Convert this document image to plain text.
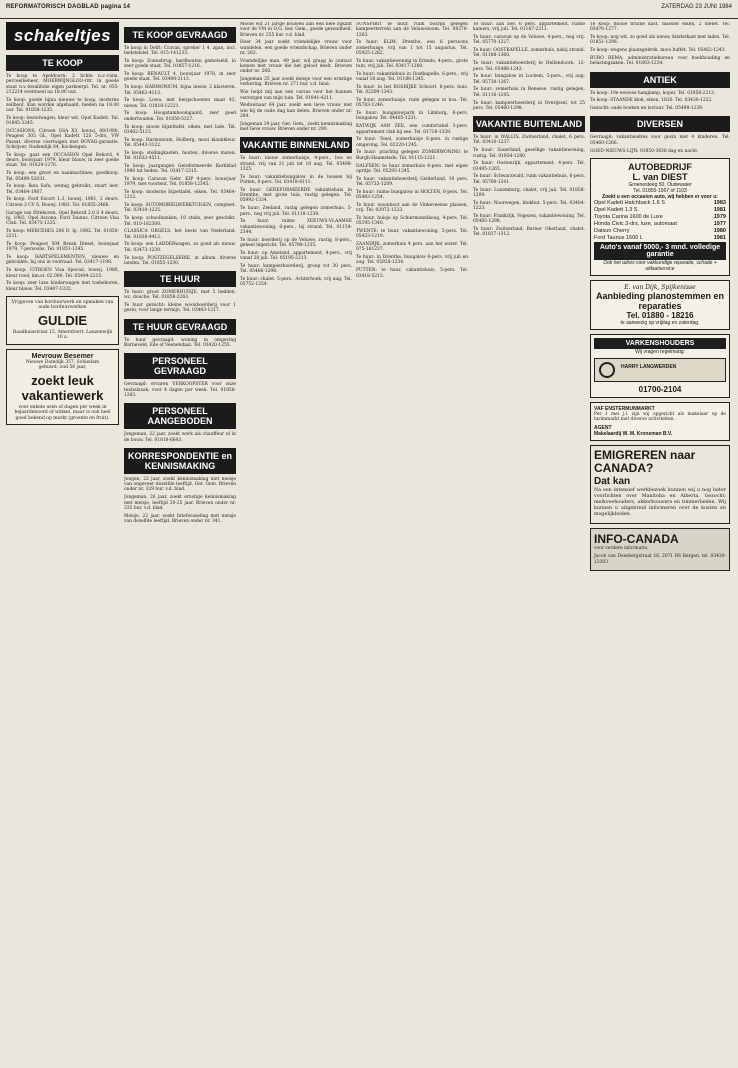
REFORMATORISCH DAGBLAD pagina 14	ZATERDAG 23 JUNI 1984
schakeltjes
TE KOOP

Te koop te Apeldoorn: 2 lichte n.v.-ruim, perceelbeheer, MOERWIJNGLOO-ritr. in goede staat n.v.-kwalifolie eigen parkeerpl. Tel. nr. 055-212214 eventueel na 18.00 uur.

Te koop: goede bijna nieuwe te koop, moderne zeilboot. Kan worden afgehaald, bieden na 18.00 uur. Tel. 01858-1235.

Te koop: bestelwagen, kleur wit, Opel Kadett. Tel. 01845-2245.

OCCASIONS. Citroen GSA X3, bouwj. 08/1980, Peugeot 305 GL, Opel Kadett 12S 5-drs, VW Passat, diverse voertuigen met BOVAG-garantie. Schrijver, Oudendijk 84, Kockengen.

Te koop: gaat een OCCASION Opel Rekord, 4 deurs, bouwjaar 1979, kleur blauw, in zeer goede staat. Tel. 01824-1276.

Te koop: een groot en naaimachines, goedkoop. Tel. 05490-52031.

Te koop: Ikea Sofa, weinig gebruikt, zwart leer. Tel. 03404-1987.

Te koop: Ford Escort 1.3, bouwj. 1981, 2 deurs, Citroen 2 CV 6, Bouwj. 1983. Tel. 01855-2466.

Garage van Ettekoven, Opel Rekord 2.0 S 4 deurs, bj. 1982, Opel Ascona, Ford Taunus, Citroen Visa Club. Tel. 03473-1235.

Te koop: MERCEDES 200 D, bj. 1982. Tel. 01858-2211.

Te koop: Peugeot 504 Break Diesel, bouwjaar 1979, 7-persoons. Tel. 01851-1345.

Te koop: HARTSPELEMENTEN, nieuwe en gebruikte, bij ons in voorraad. Tel. 03417-1198.

Te koop: CITROEN Visa Special, bouwj. 1980, kleur rood, km.st. 62.000. Tel. 05494-2215.

Te koop: zeer luxe kinderwagen met toebehoren, kleur blauw. Tel. 03407-1332.

Vrijgeven van borduurwerk en opmaken van oude borduurwerken
GULDIE
Raadhuisstraat 15, Amersfoort. Lanzenwijk 10 a.
Mevrouw Besemer
Nieuwe Damdijk 357, Schiedam
gehuwd, oud 56 jaar,
zoekt leuk vakantiewerk
voor enkele uren of dagen per week in bejaardenoord of winkel, maar is ook heel goed bekend op markt (groente en fruit).
TE KOOP GEVRAAGD

Te koop in Delft: Cravan, spreker 1 4, zgan, incl. bedstelstel. Tel. 015-141233.

Te koop: Zonnebrug, hardhouten gemetseld, in zeer goede staat. Tel. 01857-1216.

Te koop: RENAULT 4, bouwjaar 1978, in zeer goede staat. Tel. 03498-2113.

Te koop: HARMONIUM, bijna nieuw, 2 klavieren. Tel. 05462-4113.

Te koop: Lowa, met bergschoenen maat 42, nieuw. Tel. 01818-12221.

Te koop: Hoogstamboomgaard, zeer goed onderhouden. Tel. 01850-5327.

Te koop: mooie bijzettafel, eiken, met lade. Tel. 03402-5123.

Te koop: Harmonium, Hofberg, mooi klankkleur. Tel. 05443-3122.

Te koop: stellingkasten, houten, diverse maten. Tel. 01832-4511.

Te koop: jaargangen Gereformeerde Kerkblad 1980 tot heden. Tel. 03417-2215.

Te koop: Caravan Gebr. KIP 4-pers. bouwjaar 1979, met voortent. Tel. 01858-12345.

Te koop: moderne bijzettafel, eiken. Tel. 05464-1212.

Te koop: AUTOMOBIELWERKTUIGEN, compleet. Tel. 03410-1225.

Te koop: schoolbanken, 10 stuks, zeer geschikt. Tel. 010-182300.

CLASSICA ORGELS, het beste van Nederland. Tel. 01818-4412.

Te koop: een LADDERwagen, zo goed als nieuw. Tel. 03473-1230.

Te koop: POSTZEGELSERIE, in album, diverse landen. Tel. 01855-1230.

TE HUUR

Te huur: groot ZOMERHUISJE, met 5 bedden, wc, douche. Tel. 01858-2263.

Te huur gezocht: kleine woonboerderij voor 1 gezin, voor lange termijn. Tel. 03483-1217.

TE HUUR GEVRAAGD

Te huur gevraagd: woning in omgeving Barneveld, Ede of Veenendaal. Tel. 03420-1255.

PERSONEEL GEVRAAGD

Gevraagd: ervaren VERKOOPSTER voor onze textielzaak, voor 4 dagen per week. Tel. 01858-1263.

PERSONEEL AANGEBODEN

Jongeman, 22 jaar, zoekt werk als chauffeur of in de bouw. Tel. 01818-6643.

KORRESPONDENTIE en KENNISMAKING

Jongen, 22 jaar, zoekt kennismaking met meisje van ongeveer dezelfde leeftijd, Ger. Gem. Brieven onder nr. 329 bur. v.d. blad.

Jongeman, 26 jaar, zoekt ernstige kennismaking met meisje, leeftijd 20-25 jaar. Brieven onder nr. 335 bur. v.d. blad.

Meisje, 22 jaar, zoekt briefwisseling met meisje van dezelfde leeftijd. Brieven onder nr. 341.

Mooie wit 21 jarige bouwen aan een hele zijkant voor de VM in O.G. Ger. Gem., goede gezondheid. Brieven nr. 255 bur. v.d. blad.

Heer 34 jaar zoekt vriendelijke vrouw voor wandelen, een goede vriendschap. Brieven onder nr. 262.

Vriendelijke man, 49 jaar, wil graag in contact komen met vrouw die het geloof deelt. Brieven onder nr. 268.

Jongeman 25 jaar zoekt meisje voor een ernstige verkering. Brieven nr. 271 bur. v.d. blad.

Wie helpt mij aan een cursus voor het kunnen verzorgen van mijn tuin. Tel. 01841-4211.

Weduwnaar 64 jaar, zoekt een lieve vrouw met wie hij de oude dag kan delen. Brieven onder nr. 284.

Jongeman 39 jaar, Ger. Gem., zoekt kennismaking met lieve vrouw. Brieven onder nr. 290.

VAKANTIE BINNENLAND

Te huur: nieuw zomerhuisje, 4-pers., bos en strand, vrij van 21 juli tot 18 aug. Tel. 05498-1325.

Te huur: vakantiebungalow in de bossen bij Putten, 6-pers. Tel. 03418-4111.

Te huur: GEREFORMEERDE vakantiehuis in Drenthe, met grote tuin, rustig gelegen. Tel. 05992-1334.

Te huur: Zeeland, rustig gelegen zomerhuis, 5-pers., nog vrij juli. Tel. 01118-1239.

Te huur: ruime ZEEUWS-VLAAMSE vakantiewoning, 6-pers., bij strand. Tel. 01154-2344.

Te huur: boerderij op de Veluwe, rustig, 8-pers., geheel ingericht. Tel. 05788-1235.

Te huur: op Ameland, appartement, 4-pers., vrij vanaf 28 juli. Tel. 05195-2213.

Te huur: kampeerboerderij, groep tot 30 pers. Tel. 05466-1298.

Te huur: chalet, 5-pers., Achterhoek, vrij aug. Tel. 05752-1254.

SUNSPIRIT te huur, ruim bosrijk gelegen kampeerterrein aan de Veluwezoom. Tel. 08370-1263.

Te huur: ELIM, Drenthe, een 6 persoons zomerhuisje, vrij van 1 tot 15 augustus. Tel. 05925-1262.

Te huur: vakantiewoning in Ermelo, 4-pers., grote tuin, vrij juli. Tel. 03417-1260.

Te huur: vakantiehuis in Oostkapelle, 6-pers., vrij vanaf 18 aug. Tel. 01188-1245.

Te huur: in het BOSRIJKE Schoorl, 6-pers. huis. Tel. 02209-1343.

Te huur: zomerhuisje, ruim gelegen in bos. Tel. 05783-1246.

Te huur: bungalowpark in Limburg, 6-pers. bungalow. Tel. 04405-1231.

KATWIJK AAN ZEE, een comfortabel 3-pers. appartement vlak bij zee. Tel. 01718-1329.

Te huur: Texel, zomerhuisje 6-pers. in rustige omgeving. Tel. 02220-1245.

Te huur: prachtig gelegen ZOMERWONING te Burgh-Haamstede. Tel. 01115-1221.

DALFSEN: te huur zomerhuis 4-pers. met eigen opritje. Tel. 05293-1245.

Te huur: vakantieboerderij Gelderland, 10 pers. Tel. 05733-1209.

Te huur: ruime bungalow in HOLTEN, 6-pers. Tel. 05483-1254.

Te huur: woonboot aan de Vinkeveense plassen, vrij. Tel. 02972-1223.

Te huur: huisje op Schiermonnikoog, 4-pers. Tel. 05195-1340.

TWENTE: te huur, vakantiewoning, 5-pers. Tel. 05433-1219.

ZAANDIJK: zomerhuis 4 pers. aan het water. Tel. 075-161237.

Te huur: in Drenthe, bungalow 6-pers. vrij juli en aug. Tel. 05928-1234.

PUTTEN: te huur, vakantiehuis, 5-pers. Tel. 03418-5213.

Te huur: aan zee, 6 pers. appartement, ruime kamers, vrij juli. Tel. 01187-2211.

Te huur: caravan op de Veluwe, 4-pers., nog vrij. Tel. 05770-1227.

Te huur: OOSTKAPELLE, zomerhuis, nabij strand. Tel. 01188-1360.

Te huur: vakantieboerderij te Hellendoorn, 12-pers. Tel. 05486-1243.

Te huur: bungalow in Lochem, 5-pers., vrij aug. Tel. 05730-1267.

Te huur: zomerhuis in Renesse, rustig gelegen. Tel. 01116-1245.

Te huur: kampeerboerderij in Overijssel, tot 25 pers. Tel. 05460-1298.

VAKANTIE BUITENLAND

Te huur: in WALLIS, Zwitserland, chalet, 6 pers. Tel. 03410-1237.

Te huur: Sauerland, gezellige vakantiewoning, rustig. Tel. 01854-1280.

Te huur: Oostenrijk, appartement, 4-pers. Tel. 03495-1265.

Te huur: Schwarzwald, ruim vakantiehuis, 6-pers. Tel. 05700-1241.

Te huur: Luxemburg, chalet, vrij juli. Tel. 01858-1209.

Te huur: Noorwegen, blokhut, 5-pers. Tel. 03404-1223.

Te huur: Frankrijk, Vogezen, vakantiewoning. Tel. 05485-1298.

Te huur: Zwitserland, Berner Oberland, chalet. Tel. 01817-1312.

Te koop: mooie bruine kast, massief eiken, 2 meter. Tel. 03476-1277.

Te koop: nog wit, zo goed als nieuw, kinderkast met lades. Tel. 01851-1298.

Te koop: wegens plaatsgebrek, mooi buffet. Tel. 05462-1243.

BURO REMA, administratiebureau voor boekhouding en belastingzaken. Tel. 01803-1234.

ANTIEK

Te koop: 19e eeuwse hanglamp, koper. Tel. 01858-2213.

Te koop: STAANDE klok, eiken, 1820. Tel. 03430-1222.

Gezocht: oude boeken en lectuur. Tel. 05498-1239.

DIVERSEN

Gevraagd: vakantieadres voor gezin met 4 kinderen. Tel. 05460-1266.

GOED-NIEUWS-LIJN: 01850-3838 dag en nacht.

AUTOBEDRIJF
L. van DIEST
Groenesteeg 50, Oudewater
Tel. 01855-1567 of 1103
Zoekt u een occasion auto, wij hebben er voor u:
Opel Kadett Hatchback 1.6 S	1983
Opel Kadett 1.3 S	1981
Toyota Carina 1600 de Luxe	1979
Honda Civic 3-drs, luxe, automaat	1977
Datsun Cherry	1980
Ford Taunus 1600 L	1981
Auto's vanaf 5000,- 3 mnd. volledige garantie
Ook het adres voor vakkundige reparatie, schade + uitlaatservice
E. van Dijk, Spijkenisse
Aanbieding planostemmen en reparaties
Tel. 01880 - 18216
te aanwezig op vrijdag en zaterdag.
VARKENSHOUDERS
Wij vragen regelmatig:
HARRY LANGWERDEN
01700-2104
VAF ENSTERMUNMARKT
Per 1 mei j.l. zijn wij opgericht als makelaar op de tarimmarkt met diverse activiteiten.
AGENT
Makelaardij W. M. Kroneman B.V.
EMIGREREN naar CANADA?
Dat kan
Na een intensief werkbezoek kunnen wij u nog beter voorlichten over Manitoba en Alberta. Gezocht: melkveehouders, akkerbouwers en timmerlieden. Wij kunnen u uitgebreid informeren over de kosten en mogelijkheden.
INFO-CANADA
voor verdere informatie,
Jacob van Doesbergstraat 16, 2071 BS Bergen, tel. 03430-13303
